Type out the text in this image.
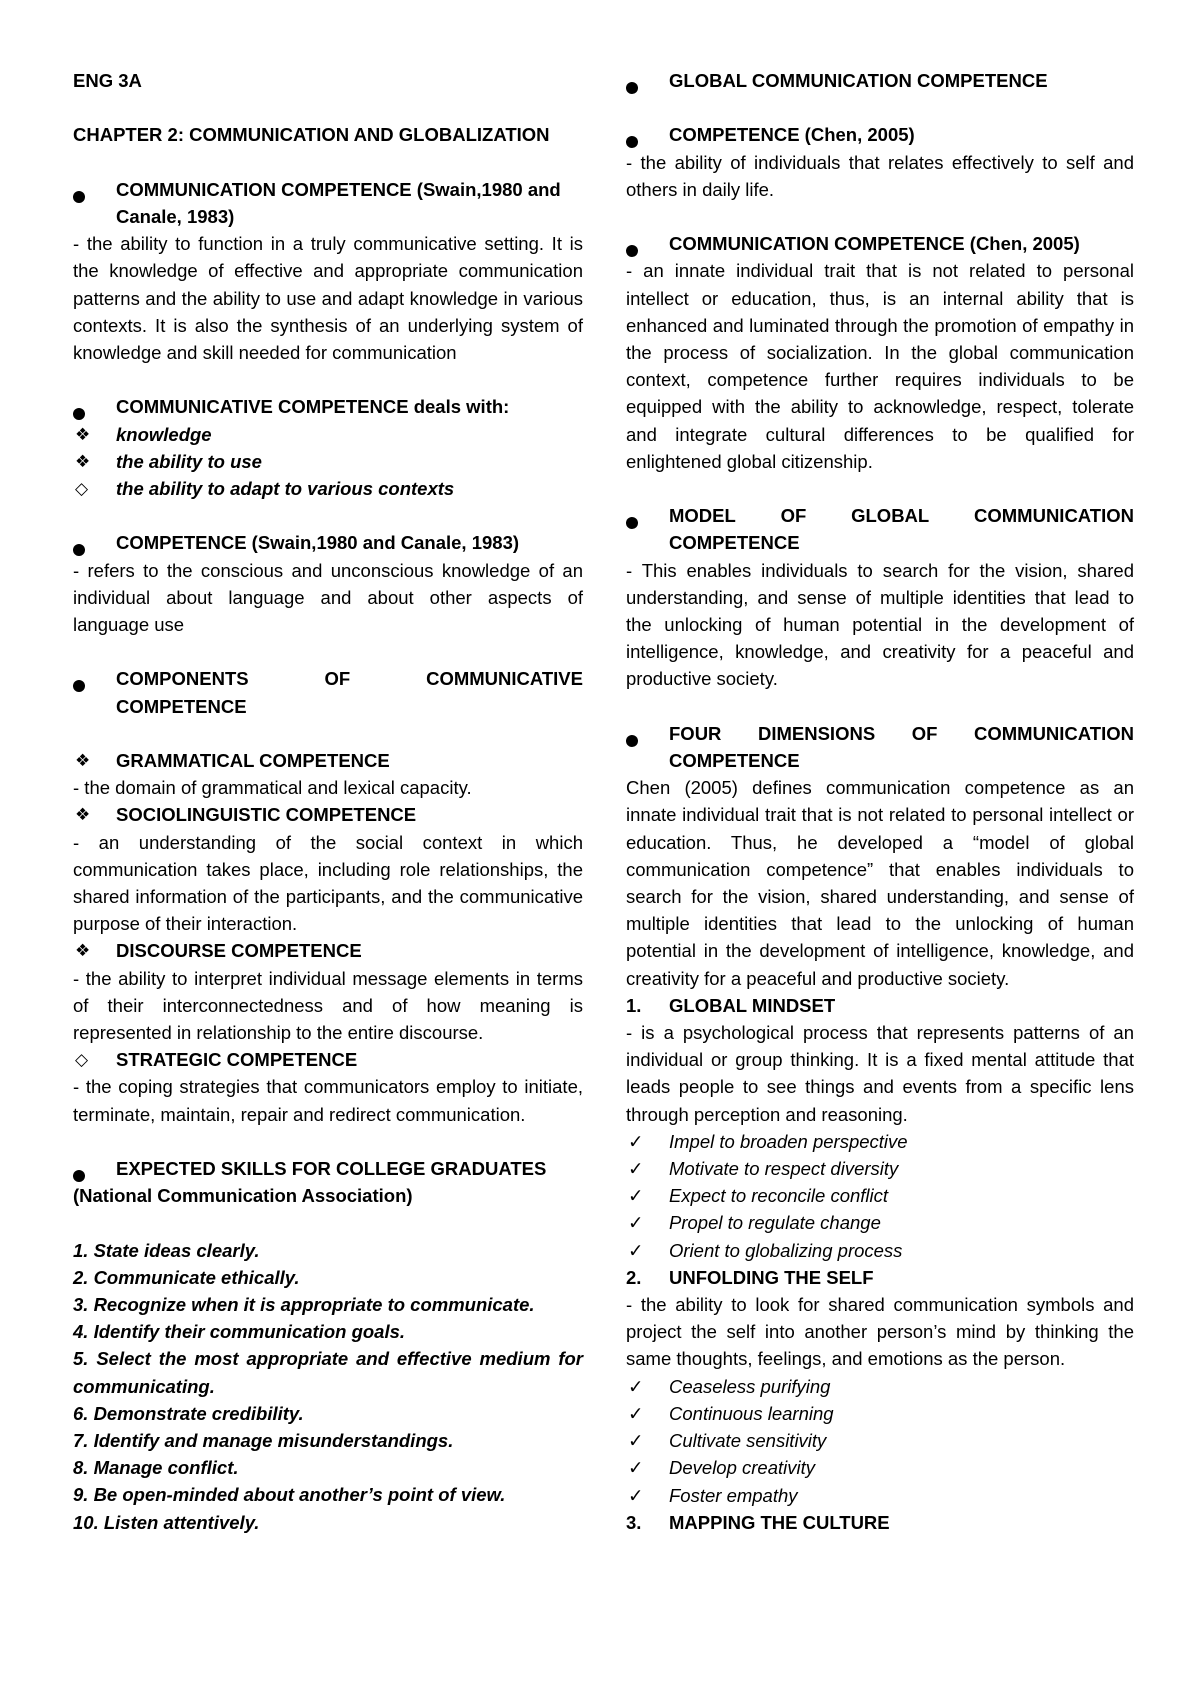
ENG 3A
CHAPTER 2: COMMUNICATION AND GLOBALIZATION
COMMUNICATION COMPETENCE (Swain,1980 and
Canale, 1983)
- the ability to function in a truly communicative setting. It is the knowledge of effective and appropriate communication patterns and the ability to use and adapt knowledge in various contexts. It is also the synthesis of an underlying system of knowledge and skill needed for communication
COMMUNICATIVE COMPETENCE deals with:
❖ knowledge
❖ the ability to use
◇ the ability to adapt to various contexts
COMPETENCE (Swain,1980 and Canale, 1983)
- refers to the conscious and unconscious knowledge of an individual about language and about other aspects of language use
COMPONENTS	OF	COMMUNICATIVE
COMPETENCE
❖ GRAMMATICAL COMPETENCE
- the domain of grammatical and lexical capacity.
❖ SOCIOLINGUISTIC COMPETENCE
- an understanding of the social context in which communication takes place, including role relationships, the shared information of the participants, and the communicative purpose of their interaction.
❖ DISCOURSE COMPETENCE
- the ability to interpret individual message elements in terms of their interconnectedness and of how meaning is represented in relationship to the entire discourse.
◇ STRATEGIC COMPETENCE
- the coping strategies that communicators employ to initiate, terminate, maintain, repair and redirect communication.
EXPECTED SKILLS FOR COLLEGE GRADUATES
(National Communication Association)
1. State ideas clearly.
2. Communicate ethically.
3. Recognize when it is appropriate to communicate.
4. Identify their communication goals.
5. Select the most appropriate and effective medium for communicating.
6. Demonstrate credibility.
7. Identify and manage misunderstandings.
8. Manage conflict.
9. Be open-minded about another’s point of view.
10. Listen attentively.
GLOBAL COMMUNICATION COMPETENCE
COMPETENCE (Chen, 2005)
- the ability of individuals that relates effectively to self and others in daily life.
COMMUNICATION COMPETENCE (Chen, 2005)
- an innate individual trait that is not related to personal intellect or education, thus, is an internal ability that is enhanced and luminated through the promotion of empathy in the process of socialization. In the global communication context, competence further requires individuals to be equipped with the ability to acknowledge, respect, tolerate and integrate cultural differences to be qualified for enlightened global citizenship.
MODEL OF GLOBAL COMMUNICATION
COMPETENCE
- This enables individuals to search for the vision, shared understanding, and sense of multiple identities that lead to the unlocking of human potential in the development of intelligence, knowledge, and creativity for a peaceful and productive society.
FOUR DIMENSIONS OF COMMUNICATION
COMPETENCE
Chen (2005) defines communication competence as an innate individual trait that is not related to personal intellect or education. Thus, he developed a “model of global communication competence” that enables individuals to search for the vision, shared understanding, and sense of multiple identities that lead to the unlocking of human potential in the development of intelligence, knowledge, and creativity for a peaceful and productive society.
1. GLOBAL MINDSET
- is a psychological process that represents patterns of an individual or group thinking. It is a fixed mental attitude that leads people to see things and events from a specific lens through perception and reasoning.
✓ Impel to broaden perspective
✓ Motivate to respect diversity
✓ Expect to reconcile conflict
✓ Propel to regulate change
✓ Orient to globalizing process
2. UNFOLDING THE SELF
- the ability to look for shared communication symbols and project the self into another person’s mind by thinking the same thoughts, feelings, and emotions as the person.
✓ Ceaseless purifying
✓ Continuous learning
✓ Cultivate sensitivity
✓ Develop creativity
✓ Foster empathy
3. MAPPING THE CULTURE
